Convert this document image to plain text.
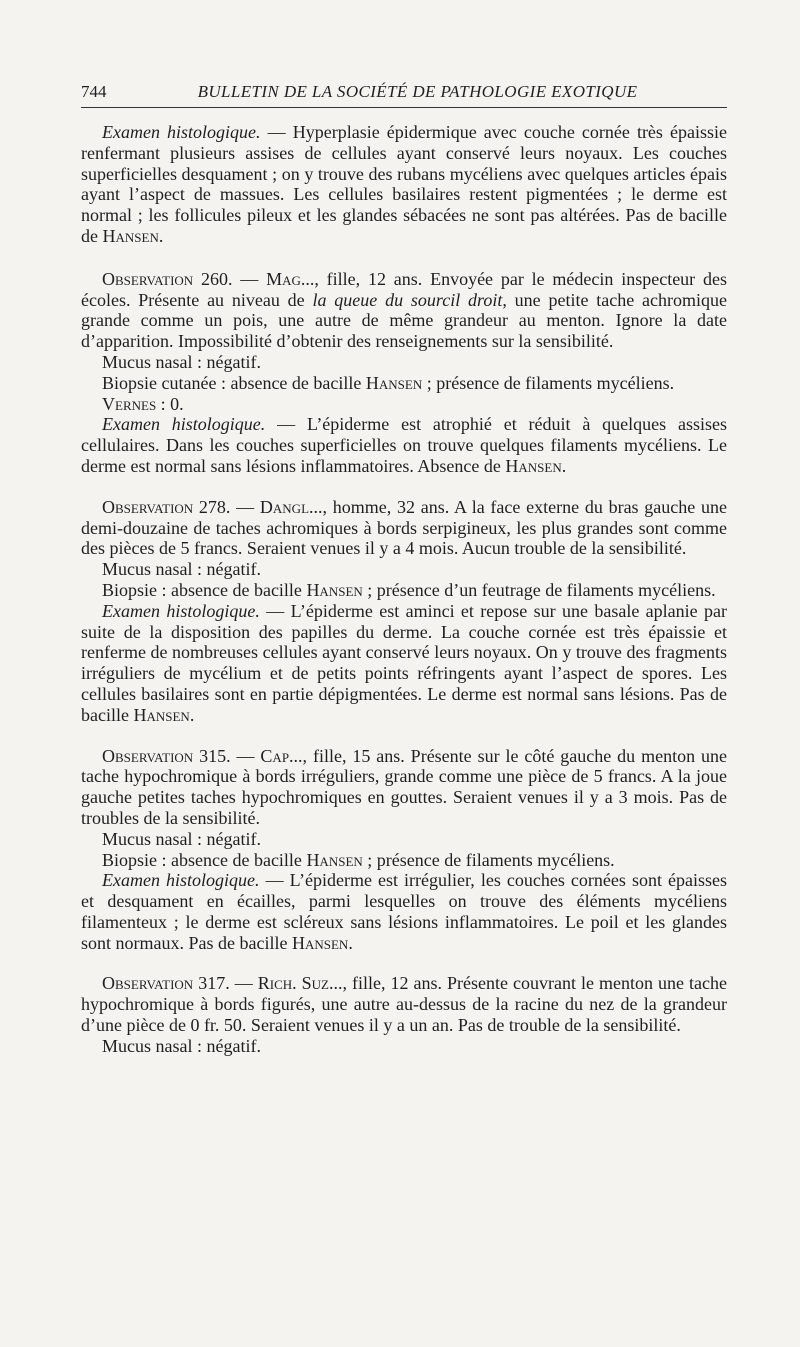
744	BULLETIN DE LA SOCIÉTÉ DE PATHOLOGIE EXOTIQUE

Examen histologique. — Hyperplasie épidermique avec couche cornée très épaissie renfermant plusieurs assises de cellules ayant conservé leurs noyaux. Les couches superficielles desquament ; on y trouve des rubans mycéliens avec quelques articles épais ayant l’aspect de massues. Les cellules basilaires restent pigmentées ; le derme est normal ; les follicules pileux et les glandes sébacées ne sont pas altérées. Pas de bacille de Hansen.

Observation 260. — Mag..., fille, 12 ans. Envoyée par le médecin inspecteur des écoles. Présente au niveau de la queue du sourcil droit, une petite tache achromique grande comme un pois, une autre de même grandeur au menton. Ignore la date d’apparition. Impossibilité d’obtenir des renseignements sur la sensibilité.

Mucus nasal : négatif.

Biopsie cutanée : absence de bacille Hansen ; présence de filaments mycéliens.

Vernes : 0.

Examen histologique. — L’épiderme est atrophié et réduit à quelques assises cellulaires. Dans les couches superficielles on trouve quelques filaments mycéliens. Le derme est normal sans lésions inflammatoires. Absence de Hansen.

Observation 278. — Dangl..., homme, 32 ans. A la face externe du bras gauche une demi-douzaine de taches achromiques à bords serpigineux, les plus grandes sont comme des pièces de 5 francs. Seraient venues il y a 4 mois. Aucun trouble de la sensibilité.

Mucus nasal : négatif.

Biopsie : absence de bacille Hansen ; présence d’un feutrage de filaments mycéliens.

Examen histologique. — L’épiderme est aminci et repose sur une basale aplanie par suite de la disposition des papilles du derme. La couche cornée est très épaissie et renferme de nombreuses cellules ayant conservé leurs noyaux. On y trouve des fragments irréguliers de mycélium et de petits points réfringents ayant l’aspect de spores. Les cellules basilaires sont en partie dépigmentées. Le derme est normal sans lésions. Pas de bacille Hansen.

Observation 315. — Cap..., fille, 15 ans. Présente sur le côté gauche du menton une tache hypochromique à bords irréguliers, grande comme une pièce de 5 francs. A la joue gauche petites taches hypochromiques en gouttes. Seraient venues il y a 3 mois. Pas de troubles de la sensibilité.

Mucus nasal : négatif.

Biopsie : absence de bacille Hansen ; présence de filaments mycéliens.

Examen histologique. — L’épiderme est irrégulier, les couches cornées sont épaisses et desquament en écailles, parmi lesquelles on trouve des éléments mycéliens filamenteux ; le derme est scléreux sans lésions inflammatoires. Le poil et les glandes sont normaux. Pas de bacille Hansen.

Observation 317. — Rich. Suz..., fille, 12 ans. Présente couvrant le menton une tache hypochromique à bords figurés, une autre au-dessus de la racine du nez de la grandeur d’une pièce de 0 fr. 50. Seraient venues il y a un an. Pas de trouble de la sensibilité.

Mucus nasal : négatif.
